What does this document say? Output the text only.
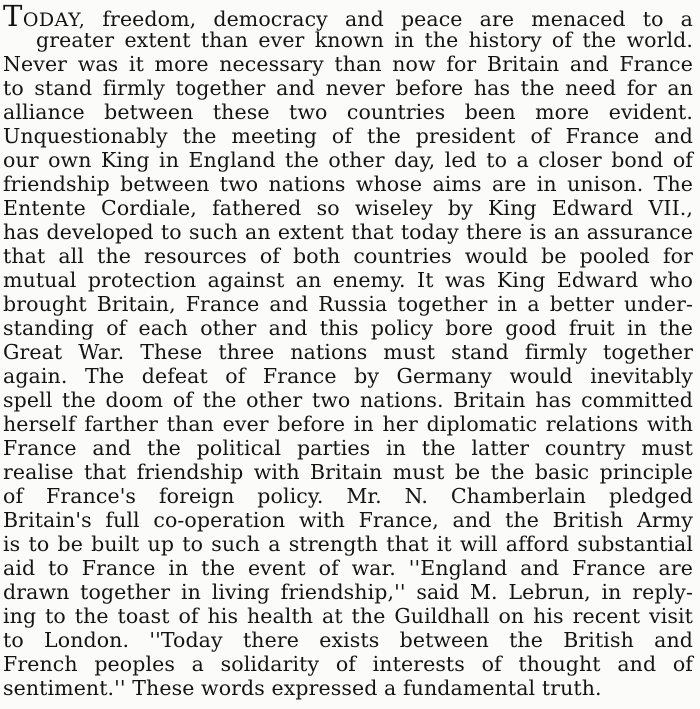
TODAY, freedom, democracy and peace are menaced to a
greater extent than ever known in the history of the world.
Never was it more necessary than now for Britain and France
to stand firmly together and never before has the need for an
alliance between these two countries been more evident.
Unquestionably the meeting of the president of France and
our own King in England the other day, led to a closer bond of
friendship between two nations whose aims are in unison. The
Entente Cordiale, fathered so wiseley by King Edward VII.,
has developed to such an extent that today there is an assurance
that all the resources of both countries would be pooled for
mutual protection against an enemy. It was King Edward who
brought Britain, France and Russia together in a better under-
standing of each other and this policy bore good fruit in the
Great War. These three nations must stand firmly together
again. The defeat of France by Germany would inevitably
spell the doom of the other two nations. Britain has committed
herself farther than ever before in her diplomatic relations with
France and the political parties in the latter country must
realise that friendship with Britain must be the basic principle
of France's foreign policy. Mr. N. Chamberlain pledged
Britain's full co-operation with France, and the British Army
is to be built up to such a strength that it will afford substantial
aid to France in the event of war. ''England and France are
drawn together in living friendship,'' said M. Lebrun, in reply-
ing to the toast of his health at the Guildhall on his recent visit
to London. ''Today there exists between the British and
French peoples a solidarity of interests of thought and of
sentiment.'' These words expressed a fundamental truth.
